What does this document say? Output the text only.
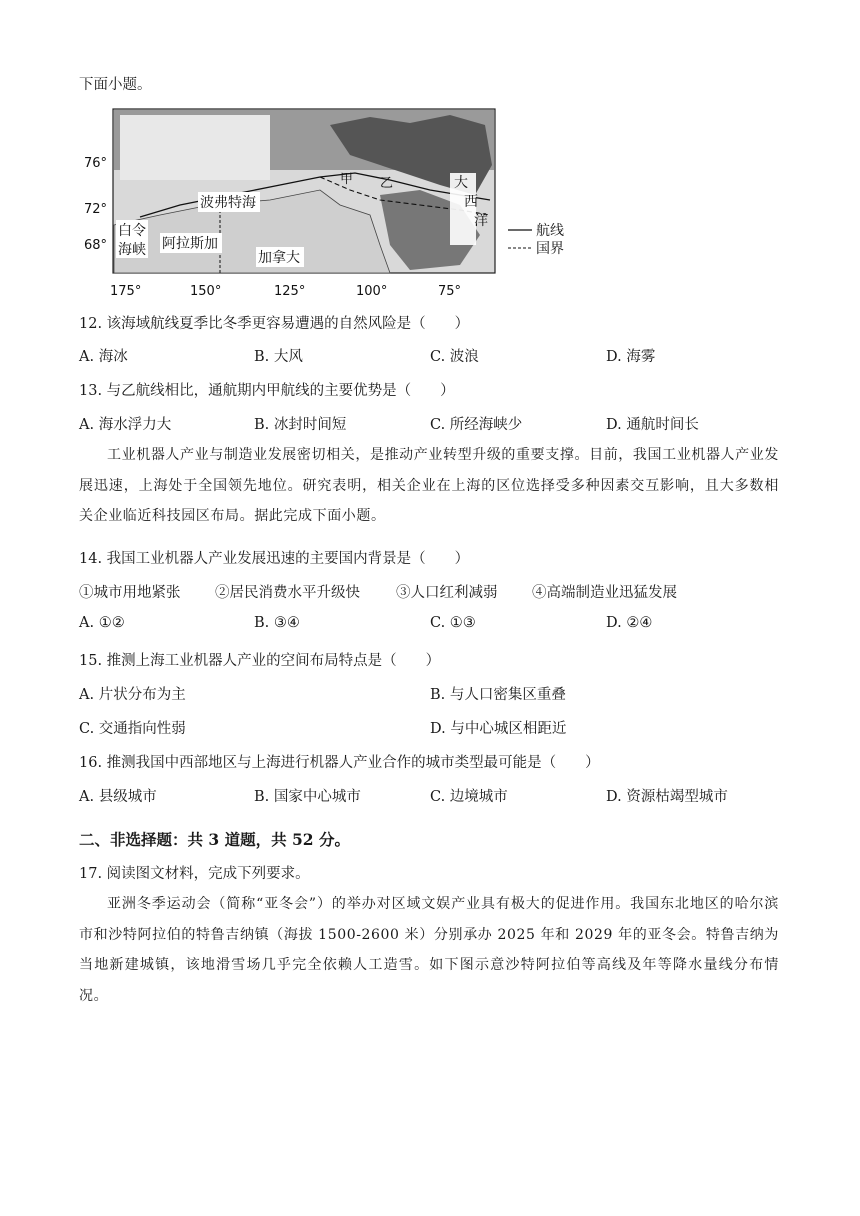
下面小题。
76°
72°
68°
175°	150°	125°	100°	75°
波弗特海
白令
海峡 阿拉斯加
加拿大
甲 乙	大
西
洋
航线
国界
12. 该海域航线夏季比冬季更容易遭遇的自然风险是（　　）
A. 海冰	B. 大风	C. 波浪	D. 海雾
13. 与乙航线相比，通航期内甲航线的主要优势是（　　）
A. 海水浮力大	B. 冰封时间短	C. 所经海峡少	D. 通航时间长
工业机器人产业与制造业发展密切相关，是推动产业转型升级的重要支撑。目前，我国工业机器人产业发展迅速，上海处于全国领先地位。研究表明，相关企业在上海的区位选择受多种因素交互影响，且大多数相关企业临近科技园区布局。据此完成下面小题。
14. 我国工业机器人产业发展迅速的主要国内背景是（　　）
①城市用地紧张 ②居民消费水平升级快 ③人口红利减弱 ④高端制造业迅猛发展
A. ①②	B. ③④	C. ①③	D. ②④
15. 推测上海工业机器人产业的空间布局特点是（　　）
A. 片状分布为主	B. 与人口密集区重叠
C. 交通指向性弱	D. 与中心城区相距近
16. 推测我国中西部地区与上海进行机器人产业合作的城市类型最可能是（　　）
A. 县级城市	B. 国家中心城市	C. 边境城市	D. 资源枯竭型城市
二、非选择题：共 3 道题，共 52 分。
17. 阅读图文材料，完成下列要求。
亚洲冬季运动会（简称“亚冬会”）的举办对区域文娱产业具有极大的促进作用。我国东北地区的哈尔滨市和沙特阿拉伯的特鲁吉纳镇（海拔 1500-2600 米）分别承办 2025 年和 2029 年的亚冬会。特鲁吉纳为当地新建城镇，该地滑雪场几乎完全依赖人工造雪。如下图示意沙特阿拉伯等高线及年等降水量线分布情况。
